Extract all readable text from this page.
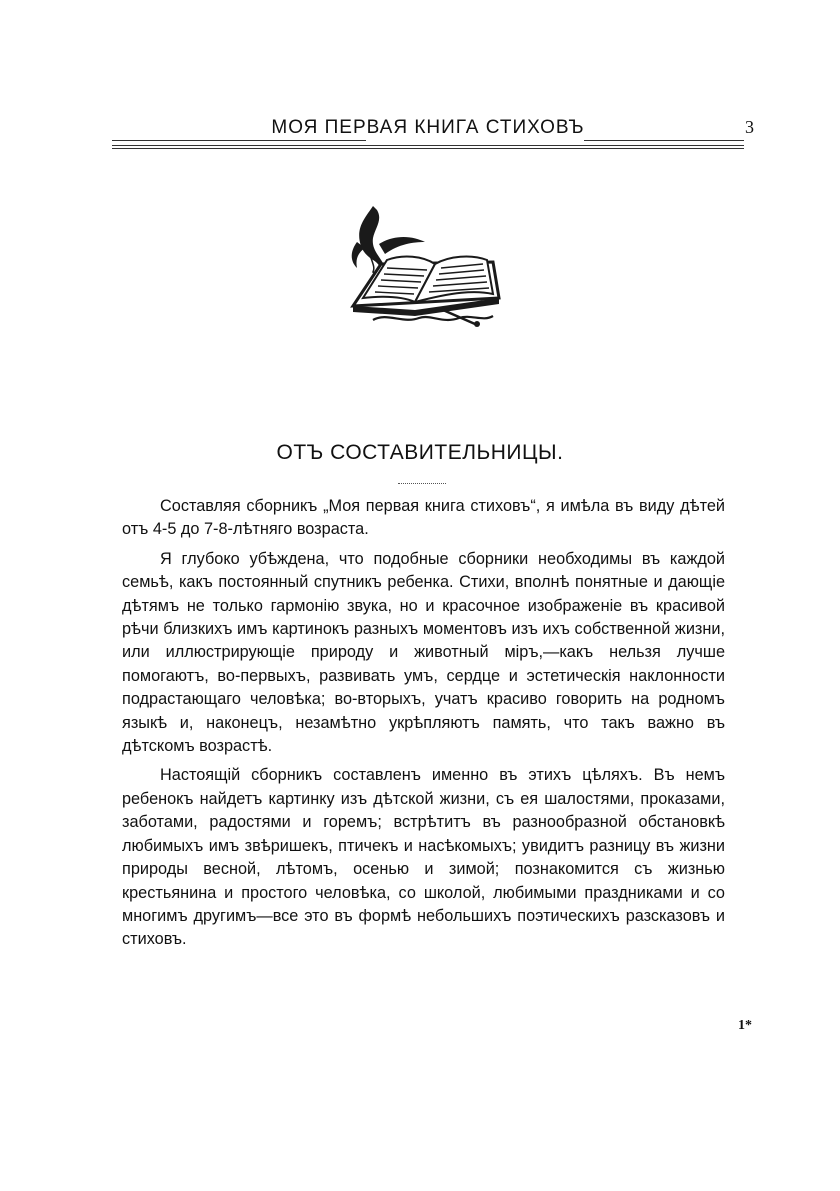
МОЯ ПЕРВАЯ КНИГА СТИХОВЪ	3
ОТЪ СОСТАВИТЕЛЬНИЦЫ.

Составляя сборникъ „Моя первая книга стиховъ“, я имѣла въ виду дѣтей отъ 4-5 до 7-8-лѣтняго возраста.

Я глубоко убѣждена, что подобные сборники необходимы въ каждой семьѣ, какъ постоянный спутникъ ребенка. Стихи, вполнѣ понятные и дающіе дѣтямъ не только гармонію звука, но и красочное изображеніе въ красивой рѣчи близкихъ имъ картинокъ разныхъ моментовъ изъ ихъ собственной жизни, или иллюстрирующіе природу и животный міръ,—какъ нельзя лучше помогаютъ, во-первыхъ, развивать умъ, сердце и эстетическія наклонности подрастающаго человѣка; во-вторыхъ, учатъ красиво говорить на родномъ языкѣ и, наконецъ, незамѣтно укрѣпляютъ память, что такъ важно въ дѣтскомъ возрастѣ.

Настоящій сборникъ составленъ именно въ этихъ цѣляхъ. Въ немъ ребенокъ найдетъ картинку изъ дѣтской жизни, съ ея шалостями, проказами, заботами, радостями и горемъ; встрѣтитъ въ разнообразной обстановкѣ любимыхъ имъ звѣришекъ, птичекъ и насѣкомыхъ; увидитъ разницу въ жизни природы весной, лѣтомъ, осенью и зимой; познакомится съ жизнью крестьянина и простого человѣка, со школой, любимыми праздниками и со многимъ другимъ—все это въ формѣ небольшихъ поэтическихъ разсказовъ и стиховъ.

1*
